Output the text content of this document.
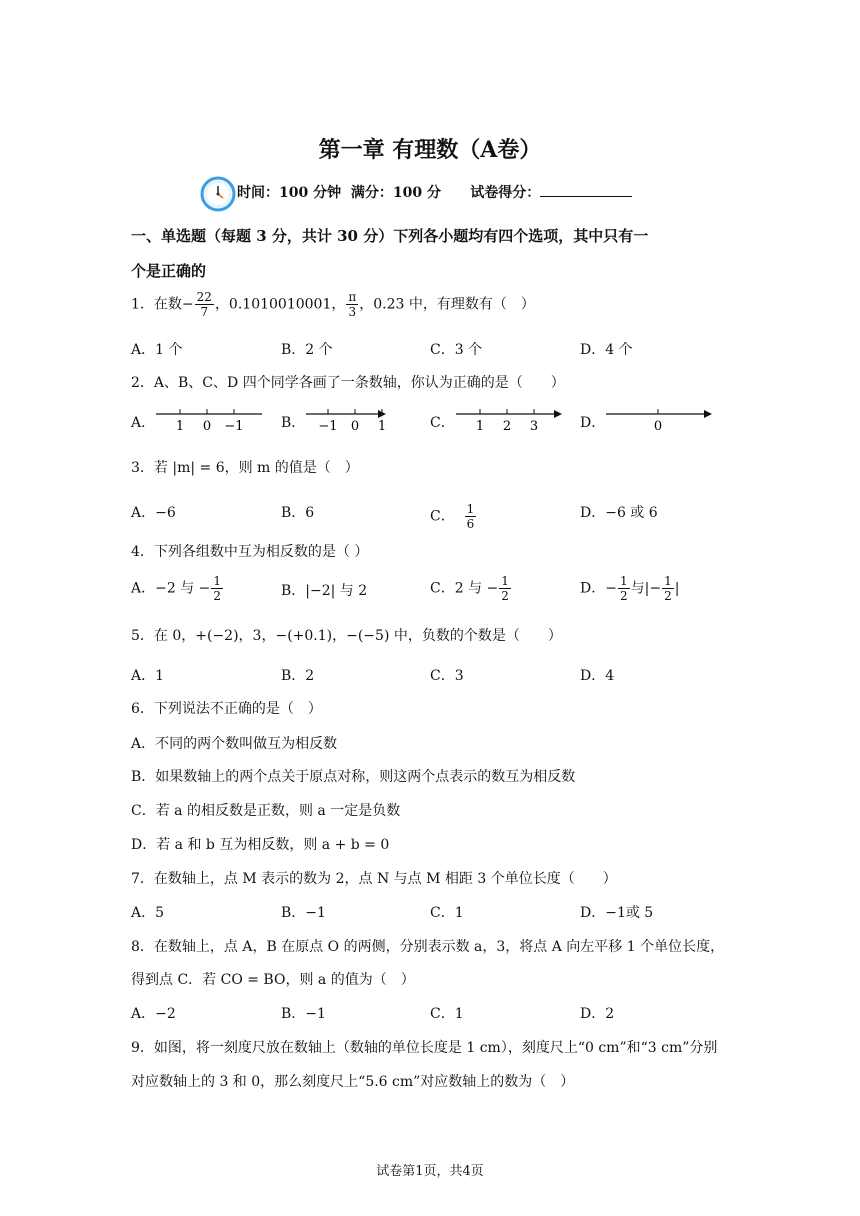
第一章 有理数（A卷）
时间：100 分钟 满分：100 分 试卷得分：
一、单选题（每题 3 分，共计 30 分）下列各小题均有四个选项，其中只有一
个是正确的
1．在数− $\frac{22}{7}$ ，0.1010010001， $\frac{\pi}{3}$ ，0.23 中，有理数有（　）
A．1 个	B．2 个	C．3 个	D．4 个
2．A、B、C、D 四个同学各画了一条数轴，你认为正确的是（　　）
A． 1 0 −1	B． −1 0 1	C． 1 2 3	D．	0
3．若 |m| = 6，则 m 的值是（　）
A．−6	B．6	C． $\frac{1}{6}$	D．−6 或 6
4．下列各组数中互为相反数的是（ ）
A．−2 与 − $\frac{1}{2}$	B．|−2| 与 2	C．2 与 − $\frac{1}{2}$	D．− $\frac{1}{2}$ 与|− $\frac{1}{2}$ |
5．在 0，+(−2)，3，−(+0.1)，−(−5) 中，负数的个数是（　　）
A．1	B．2	C．3	D．4
6．下列说法不正确的是（　）
A．不同的两个数叫做互为相反数
B．如果数轴上的两个点关于原点对称，则这两个点表示的数互为相反数
C．若 a 的相反数是正数，则 a 一定是负数
D．若 a 和 b 互为相反数，则 a + b = 0
7．在数轴上，点 M 表示的数为 2，点 N 与点 M 相距 3 个单位长度（　　）
A．5	B．−1	C．1	D．−1或 5
8．在数轴上，点 A，B 在原点 O 的两侧，分别表示数 a，3，将点 A 向左平移 1 个单位长度，
得到点 C．若 CO = BO，则 a 的值为（　）
A．−2	B．−1	C．1	D．2
9．如图，将一刻度尺放在数轴上（数轴的单位长度是 1 cm），刻度尺上“0 cm”和“3 cm”分别
对应数轴上的 3 和 0，那么刻度尺上“5.6 cm”对应数轴上的数为（　）
试卷第1页，共4页
